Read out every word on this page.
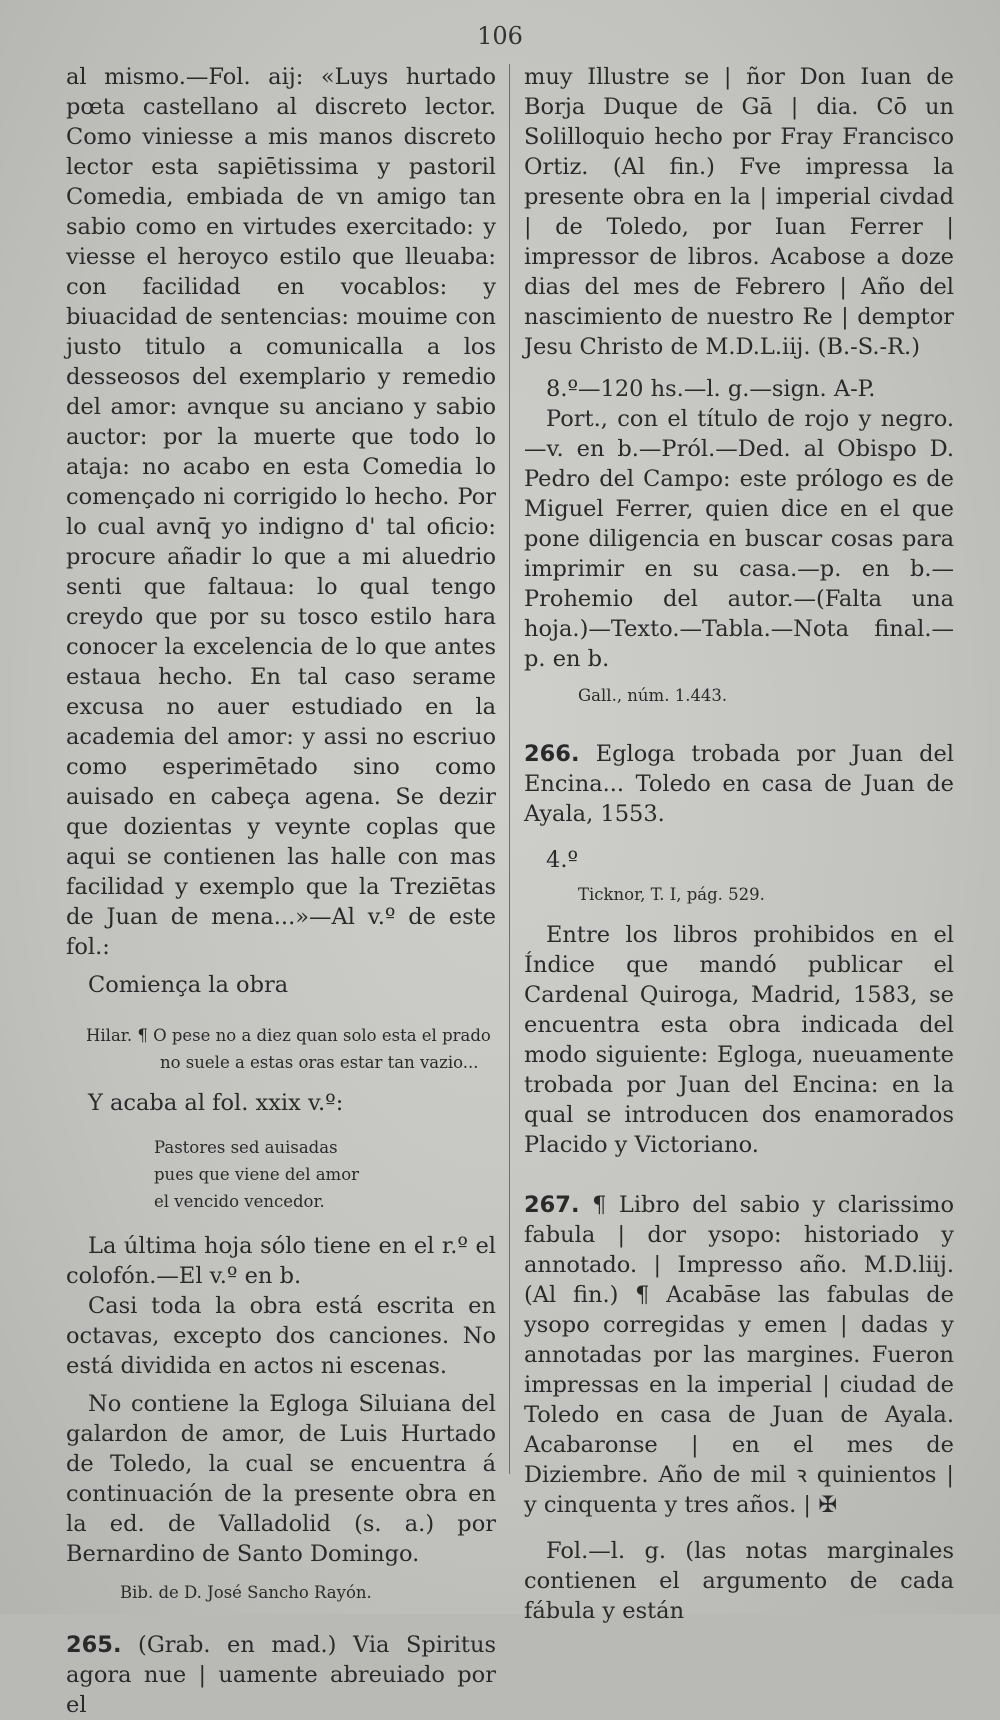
106

al mismo.—Fol. aij: «Luys hurtado pœta castellano al discreto lector. Como viniesse a mis manos discreto lector esta sapiētissima y pastoril Comedia, embiada de vn amigo tan sabio como en virtudes exercitado: y viesse el heroyco estilo que lleuaba: con facilidad en vocablos: y biuacidad de sentencias: mouime con justo titulo a comunicalla a los desseosos del exemplario y remedio del amor: avnque su anciano y sabio auctor: por la muerte que todo lo ataja: no acabo en esta Comedia lo començado ni corrigido lo hecho. Por lo cual avnq̄ yo indigno d' tal oficio: procure añadir lo que a mi aluedrio senti que faltaua: lo qual tengo creydo que por su tosco estilo hara conocer la excelencia de lo que antes estaua hecho. En tal caso serame excusa no auer estudiado en la academia del amor: y assi no escriuo como esperimētado sino como auisado en cabeça agena. Se dezir que dozientas y veynte coplas que aqui se contienen las halle con mas facilidad y exemplo que la Treziētas de Juan de mena...»—Al v.º de este fol.:

Comiença la obra

Hilar. ¶ O pese no a diez quan solo esta el prado

no suele a estas oras estar tan vazio...

Y acaba al fol. xxix v.º:

Pastores sed auisadas

pues que viene del amor

el vencido vencedor.

La última hoja sólo tiene en el r.º el colofón.—El v.º en b.

Casi toda la obra está escrita en octavas, excepto dos canciones. No está dividida en actos ni escenas.

No contiene la Egloga Siluiana del galardon de amor, de Luis Hurtado de Toledo, la cual se encuentra á continuación de la presente obra en la ed. de Valladolid (s. a.) por Bernardino de Santo Domingo.

Bib. de D. José Sancho Rayón.

265. (Grab. en mad.) Via Spiritus agora nue | uamente abreuiado por el

muy Illustre se | ñor Don Iuan de Borja Duque de Gā | dia. Cō un Solilloquio hecho por Fray Francisco Ortiz. (Al fin.) Fve impressa la presente obra en la | imperial civdad | de Toledo, por Iuan Ferrer | impressor de libros. Acabose a doze dias del mes de Febrero | Año del nascimiento de nuestro Re | demptor Jesu Christo de M.D.L.iij. (B.-S.-R.)

8.º—120 hs.—l. g.—sign. A-P.

Port., con el título de rojo y negro.—v. en b.—Pról.—Ded. al Obispo D. Pedro del Campo: este prólogo es de Miguel Ferrer, quien dice en el que pone diligencia en buscar cosas para imprimir en su casa.—p. en b.—Prohemio del autor.—(Falta una hoja.)—Texto.—Tabla.—Nota final.—p. en b.

Gall., núm. 1.443.

266. Egloga trobada por Juan del Encina... Toledo en casa de Juan de Ayala, 1553.

4.º

Ticknor, T. I, pág. 529.

Entre los libros prohibidos en el Índice que mandó publicar el Cardenal Quiroga, Madrid, 1583, se encuentra esta obra indicada del modo siguiente: Egloga, nueuamente trobada por Juan del Encina: en la qual se introducen dos enamorados Placido y Victoriano.

267. ¶ Libro del sabio y clarissimo fabula | dor ysopo: historiado y annotado. | Impresso año. M.D.liij. (Al fin.) ¶ Acabāse las fabulas de ysopo corregidas y emen | dadas y annotadas por las margines. Fueron impressas en la imperial | ciudad de Toledo en casa de Juan de Ayala. Acabaronse | en el mes de Diziembre. Año de mil ꝛ quinientos | y cinquenta y tres años. | ✠

Fol.—l. g. (las notas marginales contienen el argumento de cada fábula y están
